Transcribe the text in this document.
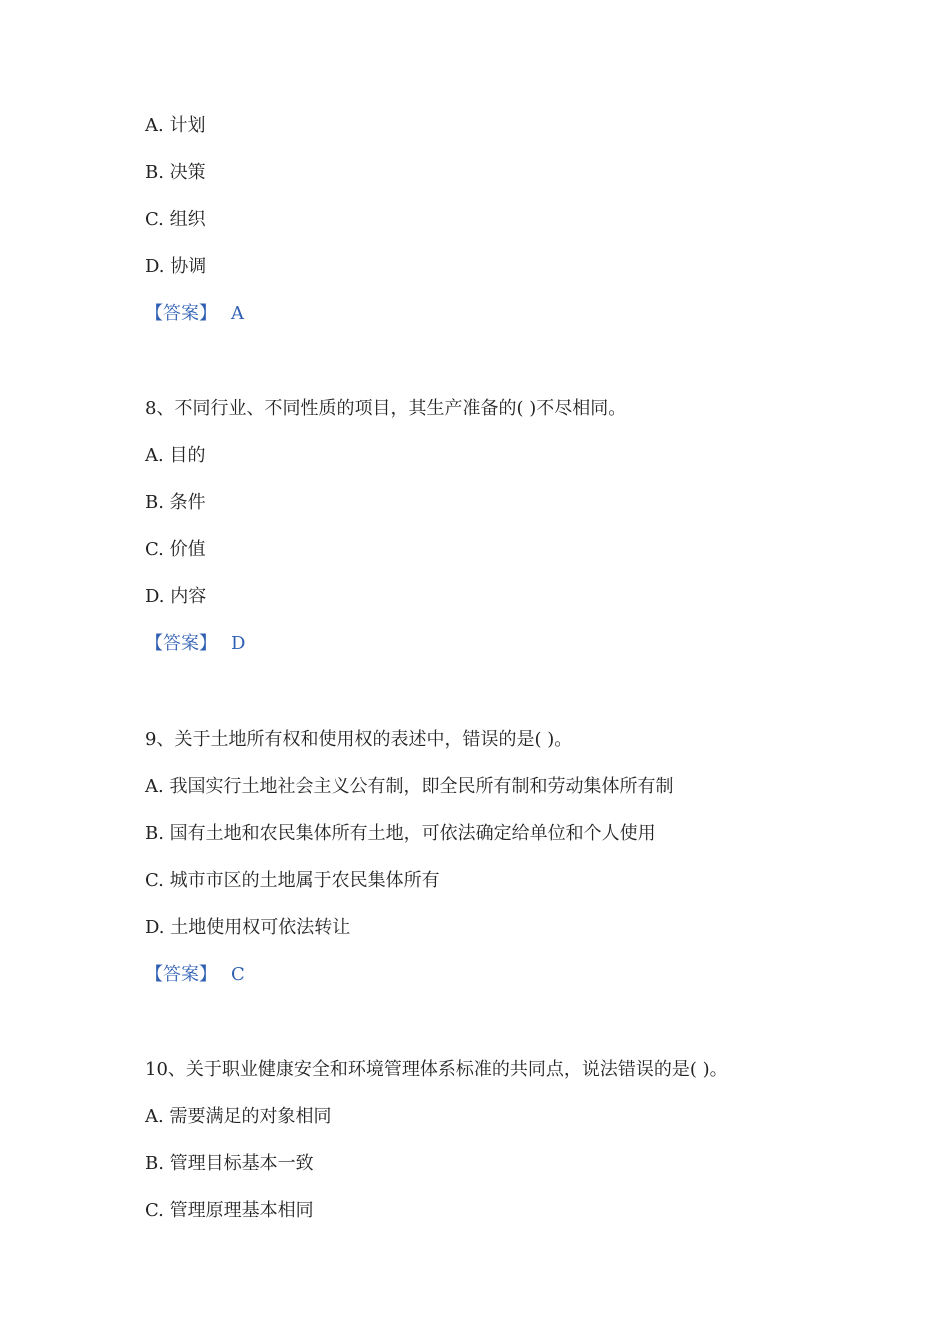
A. 计划
B. 决策
C. 组织
D. 协调
【答案】 A
8、不同行业、不同性质的项目，其生产准备的( )不尽相同。
A. 目的
B. 条件
C. 价值
D. 内容
【答案】 D
9、关于土地所有权和使用权的表述中，错误的是( )。
A. 我国实行土地社会主义公有制，即全民所有制和劳动集体所有制
B. 国有土地和农民集体所有土地，可依法确定给单位和个人使用
C. 城市市区的土地属于农民集体所有
D. 土地使用权可依法转让
【答案】 C
10、关于职业健康安全和环境管理体系标准的共同点，说法错误的是( )。
A. 需要满足的对象相同
B. 管理目标基本一致
C. 管理原理基本相同
